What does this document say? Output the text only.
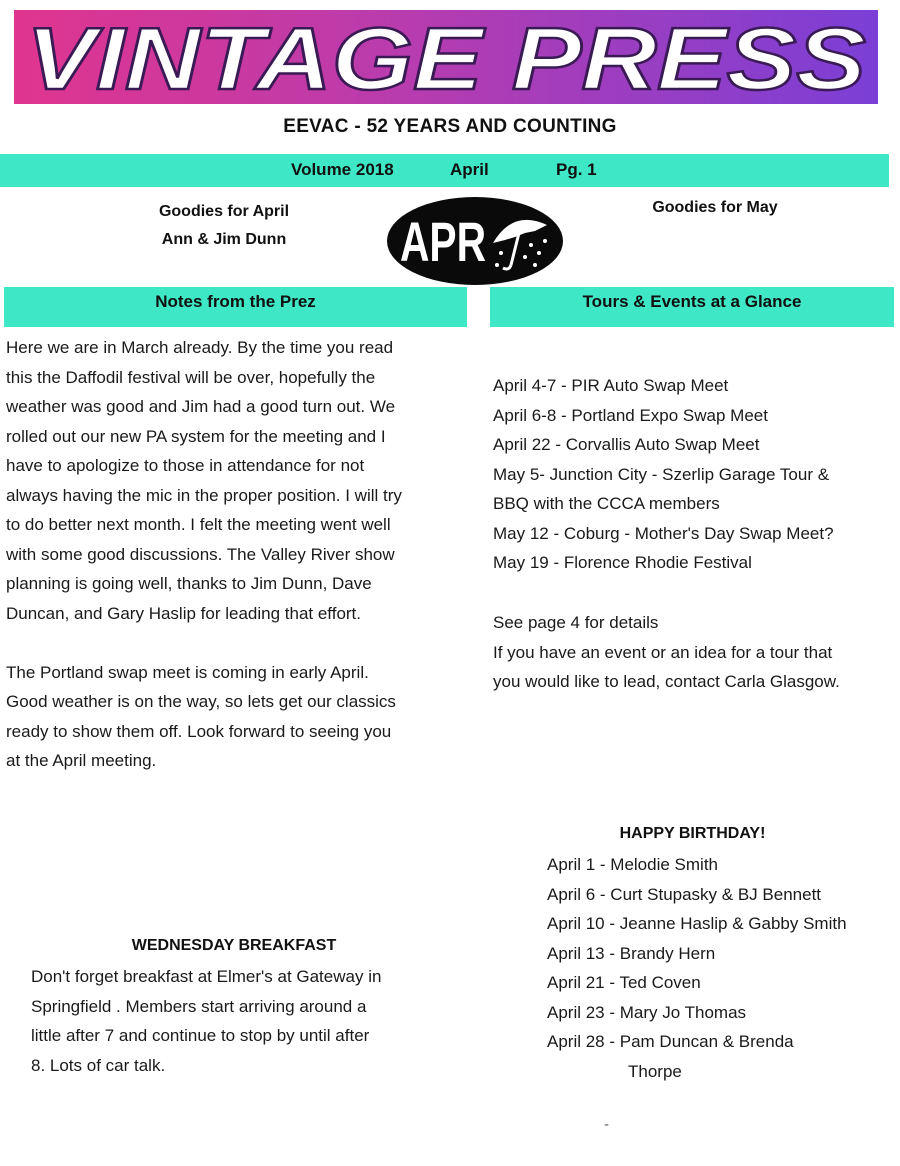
VINTAGE PRESS
EEVAC - 52 YEARS AND COUNTING
Volume 2018	April	Pg. 1
Goodies for April
Ann & Jim Dunn
Goodies for May
APR
Notes from the Prez	Tours & Events at a Glance

Here we are in March already. By the time you read

this the Daffodil festival will be over, hopefully the

weather was good and Jim had a good turn out. We

rolled out our new PA system for the meeting and I

have to apologize to those in attendance for not

always having the mic in the proper position. I will try

to do better next month. I felt the meeting went well

with some good discussions. The Valley River show

planning is going well, thanks to Jim Dunn, Dave

Duncan, and Gary Haslip for leading that effort.

The Portland swap meet is coming in early April.

Good weather is on the way, so lets get our classics

ready to show them off. Look forward to seeing you

at the April meeting.

April 4-7 - PIR Auto Swap Meet

April 6-8 - Portland Expo Swap Meet

April 22 - Corvallis Auto Swap Meet

May 5- Junction City - Szerlip Garage Tour &

BBQ with the CCCA members

May 12 - Coburg - Mother's Day Swap Meet?

May 19 - Florence Rhodie Festival

See page 4 for details

If you have an event or an idea for a tour that

you would like to lead, contact Carla Glasgow.

HAPPY BIRTHDAY!

April 1 - Melodie Smith

April 6 - Curt Stupasky & BJ Bennett

April 10 - Jeanne Haslip & Gabby Smith

April 13 - Brandy Hern

April 21 - Ted Coven

April 23 - Mary Jo Thomas

April 28 - Pam Duncan & Brenda

Thorpe

WEDNESDAY BREAKFAST

Don't forget breakfast at Elmer's at Gateway in

Springfield . Members start arriving around a

little after 7 and continue to stop by until after

8. Lots of car talk.

-
